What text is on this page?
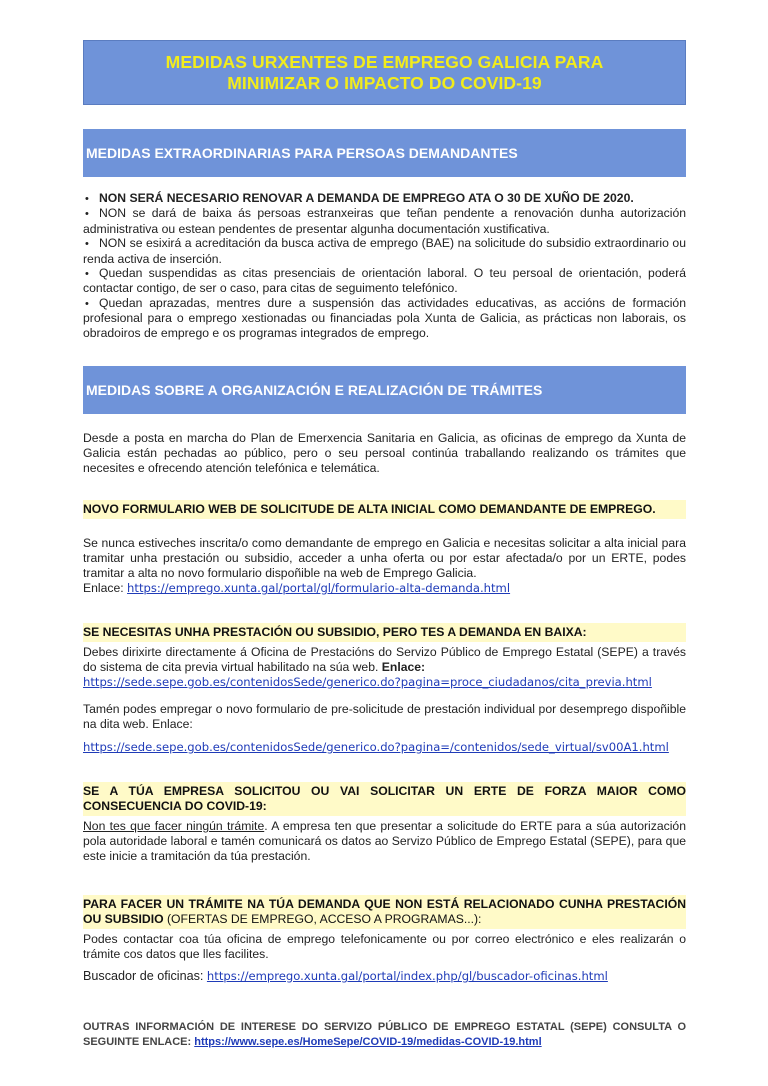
MEDIDAS URXENTES DE EMPREGO GALICIA PARA
MINIMIZAR O IMPACTO DO COVID-19
MEDIDAS EXTRAORDINARIAS PARA PERSOAS DEMANDANTES
• NON SERÁ NECESARIO RENOVAR A DEMANDA DE EMPREGO ATA O 30 DE XUÑO DE 2020.
• NON se dará de baixa ás persoas estranxeiras que teñan pendente a renovación dunha autorización administrativa ou estean pendentes de presentar algunha documentación xustificativa.
• NON se esixirá a acreditación da busca activa de emprego (BAE) na solicitude do subsidio extraordinario ou renda activa de inserción.
• Quedan suspendidas as citas presenciais de orientación laboral. O teu persoal de orientación, poderá contactar contigo, de ser o caso, para citas de seguimento telefónico.
• Quedan aprazadas, mentres dure a suspensión das actividades educativas, as accións de formación profesional para o emprego xestionadas ou financiadas pola Xunta de Galicia, as prácticas non laborais, os obradoiros de emprego e os programas integrados de emprego.
MEDIDAS SOBRE A ORGANIZACIÓN E REALIZACIÓN DE TRÁMITES
Desde a posta en marcha do Plan de Emerxencia Sanitaria en Galicia, as oficinas de emprego da Xunta de Galicia están pechadas ao público, pero o seu persoal continúa traballando realizando os trámites que necesites e ofrecendo atención telefónica e telemática.
NOVO FORMULARIO WEB DE SOLICITUDE DE ALTA INICIAL COMO DEMANDANTE DE EMPREGO.
Se nunca estiveches inscrita/o como demandante de emprego en Galicia e necesitas solicitar a alta inicial para tramitar unha prestación ou subsidio, acceder a unha oferta ou por estar afectada/o por un ERTE, podes tramitar a alta no novo formulario dispoñible na web de Emprego Galicia.
Enlace: https://emprego.xunta.gal/portal/gl/formulario-alta-demanda.html
SE NECESITAS UNHA PRESTACIÓN OU SUBSIDIO, PERO TES A DEMANDA EN BAIXA:
Debes dirixirte directamente á Oficina de Prestacións do Servizo Público de Emprego Estatal (SEPE) a través do sistema de cita previa virtual habilitado na súa web. Enlace:
https://sede.sepe.gob.es/contenidosSede/generico.do?pagina=proce_ciudadanos/cita_previa.html
Tamén podes empregar o novo formulario de pre-solicitude de prestación individual por desemprego dispoñible na dita web. Enlace:
https://sede.sepe.gob.es/contenidosSede/generico.do?pagina=/contenidos/sede_virtual/sv00A1.html
SE A TÚA EMPRESA SOLICITOU OU VAI SOLICITAR UN ERTE DE FORZA MAIOR COMO CONSECUENCIA DO COVID-19:
Non tes que facer ningún trámite. A empresa ten que presentar a solicitude do ERTE para a súa autorización pola autoridade laboral e tamén comunicará os datos ao Servizo Público de Emprego Estatal (SEPE), para que este inicie a tramitación da túa prestación.
PARA FACER UN TRÁMITE NA TÚA DEMANDA QUE NON ESTÁ RELACIONADO CUNHA PRESTACIÓN OU SUBSIDIO (OFERTAS DE EMPREGO, ACCESO A PROGRAMAS...):
Podes contactar coa túa oficina de emprego telefonicamente ou por correo electrónico e eles realizarán o trámite cos datos que lles facilites.
Buscador de oficinas: https://emprego.xunta.gal/portal/index.php/gl/buscador-oficinas.html
OUTRAS INFORMACIÓN DE INTERESE DO SERVIZO PÚBLICO DE EMPREGO ESTATAL (SEPE) CONSULTA O SEGUINTE ENLACE: https://www.sepe.es/HomeSepe/COVID-19/medidas-COVID-19.html
